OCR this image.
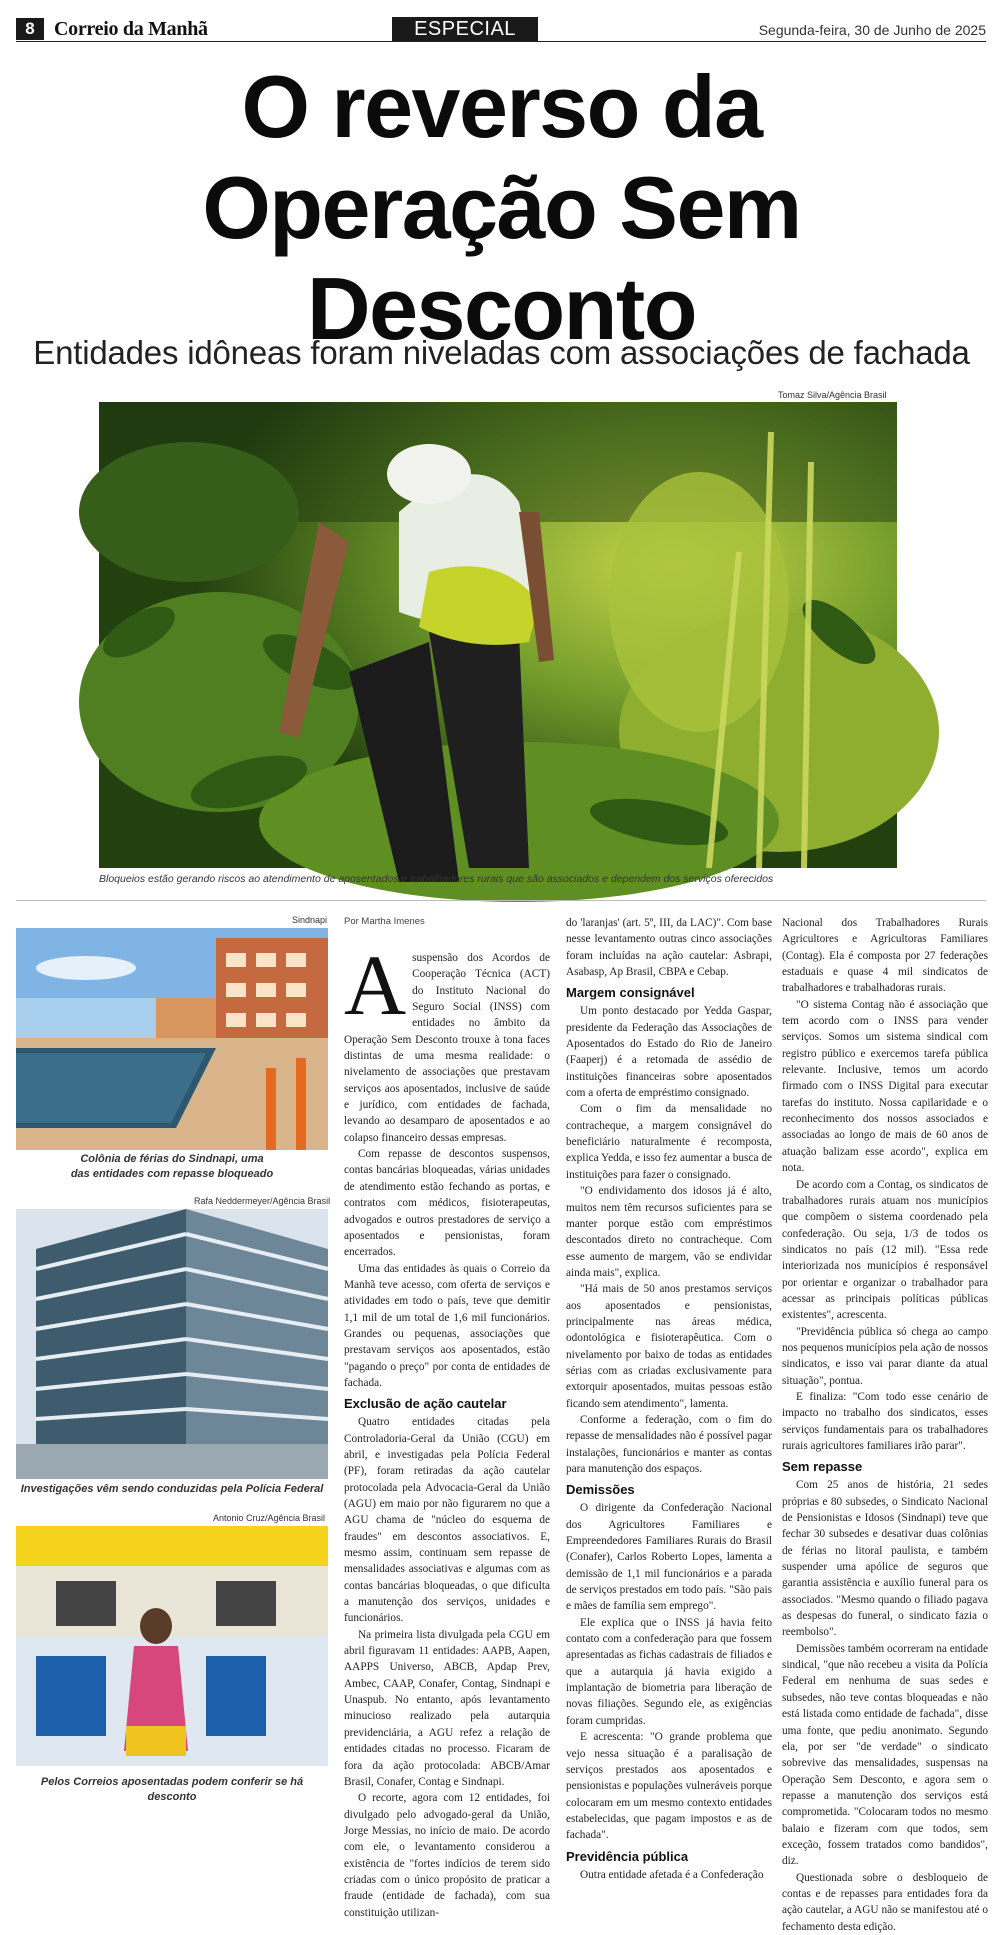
8 Correio da Manhã	ESPECIAL	Segunda-feira, 30 de Junho de 2025
O reverso da
Operação Sem
Desconto
Entidades idôneas foram niveladas com associações de fachada
Tomaz Silva/Agência Brasil
Bloqueios estão gerando riscos ao atendimento de aposentados e trabalhadores rurais que são associados e dependem dos serviços oferecidos
Sindnapi
Colônia de férias do Sindnapi, uma
das entidades com repasse bloqueado
Rafa Neddermeyer/Agência Brasil
Investigações vêm sendo conduzidas pela Polícia Federal
Antonio Cruz/Agência Brasil
Pelos Correios aposentadas podem conferir se há desconto
Por Martha Imenes

Asuspensão dos Acordos de Cooperação Técnica (ACT) do Instituto Nacional do Seguro Social (INSS) com entidades no âmbito da Operação Sem Desconto trouxe à tona faces distintas de uma mesma realidade: o nivelamento de associações que prestavam serviços aos aposentados, inclusive de saúde e jurídico, com entidades de fachada, levando ao desamparo de aposentados e ao colapso financeiro dessas empresas.

Com repasse de descontos suspensos, contas bancárias bloqueadas, várias unidades de atendimento estão fechando as portas, e contratos com médicos, fisioterapeutas, advogados e outros prestadores de serviço a aposentados e pensionistas, foram encerrados.

Uma das entidades às quais o Correio da Manhã teve acesso, com oferta de serviços e atividades em todo o país, teve que demitir 1,1 mil de um total de 1,6 mil funcionários. Grandes ou pequenas, associações que prestavam serviços aos aposentados, estão "pagando o preço" por conta de entidades de fachada.

Exclusão de ação cautelar

Quatro entidades citadas pela Controladoria-Geral da União (CGU) em abril, e investigadas pela Polícia Federal (PF), foram retiradas da ação cautelar protocolada pela Advocacia-Geral da União (AGU) em maio por não figurarem no que a AGU chama de "núcleo do esquema de fraudes" em descontos associativos. E, mesmo assim, continuam sem repasse de mensalidades associativas e algumas com as contas bancárias bloqueadas, o que dificulta a manutenção dos serviços, unidades e funcionários.

Na primeira lista divulgada pela CGU em abril figuravam 11 entidades: AAPB, Aapen, AAPPS Universo, ABCB, Apdap Prev, Ambec, CAAP, Conafer, Contag, Sindnapi e Unaspub. No entanto, após levantamento minucioso realizado pela autarquia previdenciária, a AGU refez a relação de entidades citadas no processo. Ficaram de fora da ação protocolada: ABCB/Amar Brasil, Conafer, Contag e Sindnapi.

O recorte, agora com 12 entidades, foi divulgado pelo advogado-geral da União, Jorge Messias, no início de maio. De acordo com ele, o levantamento considerou a existência de "fortes indícios de terem sido criadas com o único propósito de praticar a fraude (entidade de fachada), com sua constituição utilizan-

do 'laranjas' (art. 5º, III, da LAC)". Com base nesse levantamento outras cinco associações foram incluídas na ação cautelar: Asbrapi, Asabasp, Ap Brasil, CBPA e Cebap.

Margem consignável

Um ponto destacado por Yedda Gaspar, presidente da Federação das Associações de Aposentados do Estado do Rio de Janeiro (Faaperj) é a retomada de assédio de instituições financeiras sobre aposentados com a oferta de empréstimo consignado.

Com o fim da mensalidade no contracheque, a margem consignável do beneficiário naturalmente é recomposta, explica Yedda, e isso fez aumentar a busca de instituições para fazer o consignado.

"O endividamento dos idosos já é alto, muitos nem têm recursos suficientes para se manter porque estão com empréstimos descontados direto no contracheque. Com esse aumento de margem, vão se endividar ainda mais", explica.

"Há mais de 50 anos prestamos serviços aos aposentados e pensionistas, principalmente nas áreas médica, odontológica e fisioterapêutica. Com o nivelamento por baixo de todas as entidades sérias com as criadas exclusivamente para extorquir aposentados, muitas pessoas estão ficando sem atendimento", lamenta.

Conforme a federação, com o fim do repasse de mensalidades não é possível pagar instalações, funcionários e manter as contas para manutenção dos espaços.

Demissões

O dirigente da Confederação Nacional dos Agricultores Familiares e Empreendedores Familiares Rurais do Brasil (Conafer), Carlos Roberto Lopes, lamenta a demissão de 1,1 mil funcionários e a parada de serviços prestados em todo país. "São pais e mães de família sem emprego".

Ele explica que o INSS já havia feito contato com a confederação para que fossem apresentadas as fichas cadastrais de filiados e que a autarquia já havia exigido a implantação de biometria para liberação de novas filiações. Segundo ele, as exigências foram cumpridas.

E acrescenta: "O grande problema que vejo nessa situação é a paralisação de serviços prestados aos aposentados e pensionistas e populações vulneráveis porque colocaram em um mesmo contexto entidades estabelecidas, que pagam impostos e as de fachada".

Previdência pública

Outra entidade afetada é a Confederação

Nacional dos Trabalhadores Rurais Agricultores e Agricultoras Familiares (Contag). Ela é composta por 27 federações estaduais e quase 4 mil sindicatos de trabalhadores e trabalhadoras rurais.

"O sistema Contag não é associação que tem acordo com o INSS para vender serviços. Somos um sistema sindical com registro público e exercemos tarefa pública relevante. Inclusive, temos um acordo firmado com o INSS Digital para executar tarefas do instituto. Nossa capilaridade e o reconhecimento dos nossos associados e associadas ao longo de mais de 60 anos de atuação balizam esse acordo", explica em nota.

De acordo com a Contag, os sindicatos de trabalhadores rurais atuam nos municípios que compõem o sistema coordenado pela confederação. Ou seja, 1/3 de todos os sindicatos no país (12 mil). "Essa rede interiorizada nos municípios é responsável por orientar e organizar o trabalhador para acessar as principais políticas públicas existentes", acrescenta.

"Previdência pública só chega ao campo nos pequenos municípios pela ação de nossos sindicatos, e isso vai parar diante da atual situação", pontua.

E finaliza: "Com todo esse cenário de impacto no trabalho dos sindicatos, esses serviços fundamentais para os trabalhadores rurais agricultores familiares irão parar".

Sem repasse

Com 25 anos de história, 21 sedes próprias e 80 subsedes, o Sindicato Nacional de Pensionistas e Idosos (Sindnapi) teve que fechar 30 subsedes e desativar duas colônias de férias no litoral paulista, e também suspender uma apólice de seguros que garantia assistência e auxílio funeral para os associados. "Mesmo quando o filiado pagava as despesas do funeral, o sindicato fazia o reembolso".

Demissões também ocorreram na entidade sindical, "que não recebeu a visita da Polícia Federal em nenhuma de suas sedes e subsedes, não teve contas bloqueadas e não está listada como entidade de fachada", disse uma fonte, que pediu anonimato. Segundo ela, por ser "de verdade" o sindicato sobrevive das mensalidades, suspensas na Operação Sem Desconto, e agora sem o repasse a manutenção dos serviços está comprometida. "Colocaram todos no mesmo balaio e fizeram com que todos, sem exceção, fossem tratados como bandidos", diz.

Questionada sobre o desbloqueio de contas e de repasses para entidades fora da ação cautelar, a AGU não se manifestou até o fechamento desta edição.
